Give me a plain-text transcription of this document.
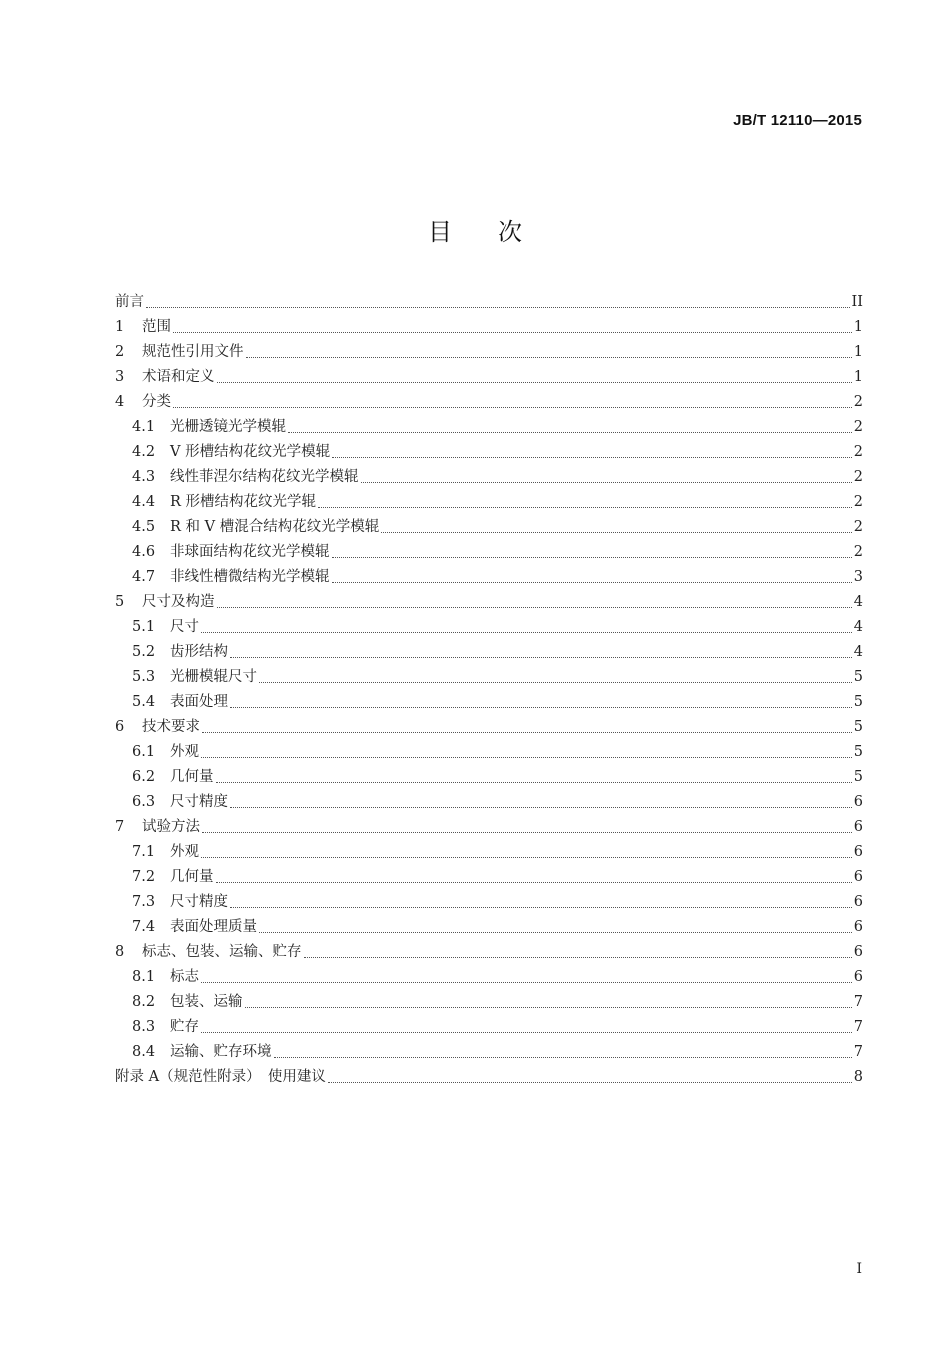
JB/T 12110—2015
目次
前言	II
1	范围	1
2	规范性引用文件	1
3	术语和定义	1
4	分类	2
4.1	光栅透镜光学模辊	2
4.2	V 形槽结构花纹光学模辊	2
4.3	线性菲涅尔结构花纹光学模辊	2
4.4	R 形槽结构花纹光学辊	2
4.5	R 和 V 槽混合结构花纹光学模辊	2
4.6	非球面结构花纹光学模辊	2
4.7	非线性槽微结构光学模辊	3
5	尺寸及构造	4
5.1	尺寸	4
5.2	齿形结构	4
5.3	光栅模辊尺寸	5
5.4	表面处理	5
6	技术要求	5
6.1	外观	5
6.2	几何量	5
6.3	尺寸精度	6
7	试验方法	6
7.1	外观	6
7.2	几何量	6
7.3	尺寸精度	6
7.4	表面处理质量	6
8	标志、包装、运输、贮存	6
8.1	标志	6
8.2	包装、运输	7
8.3	贮存	7
8.4	运输、贮存环境	7
附录 A（规范性附录）　使用建议	8
I
